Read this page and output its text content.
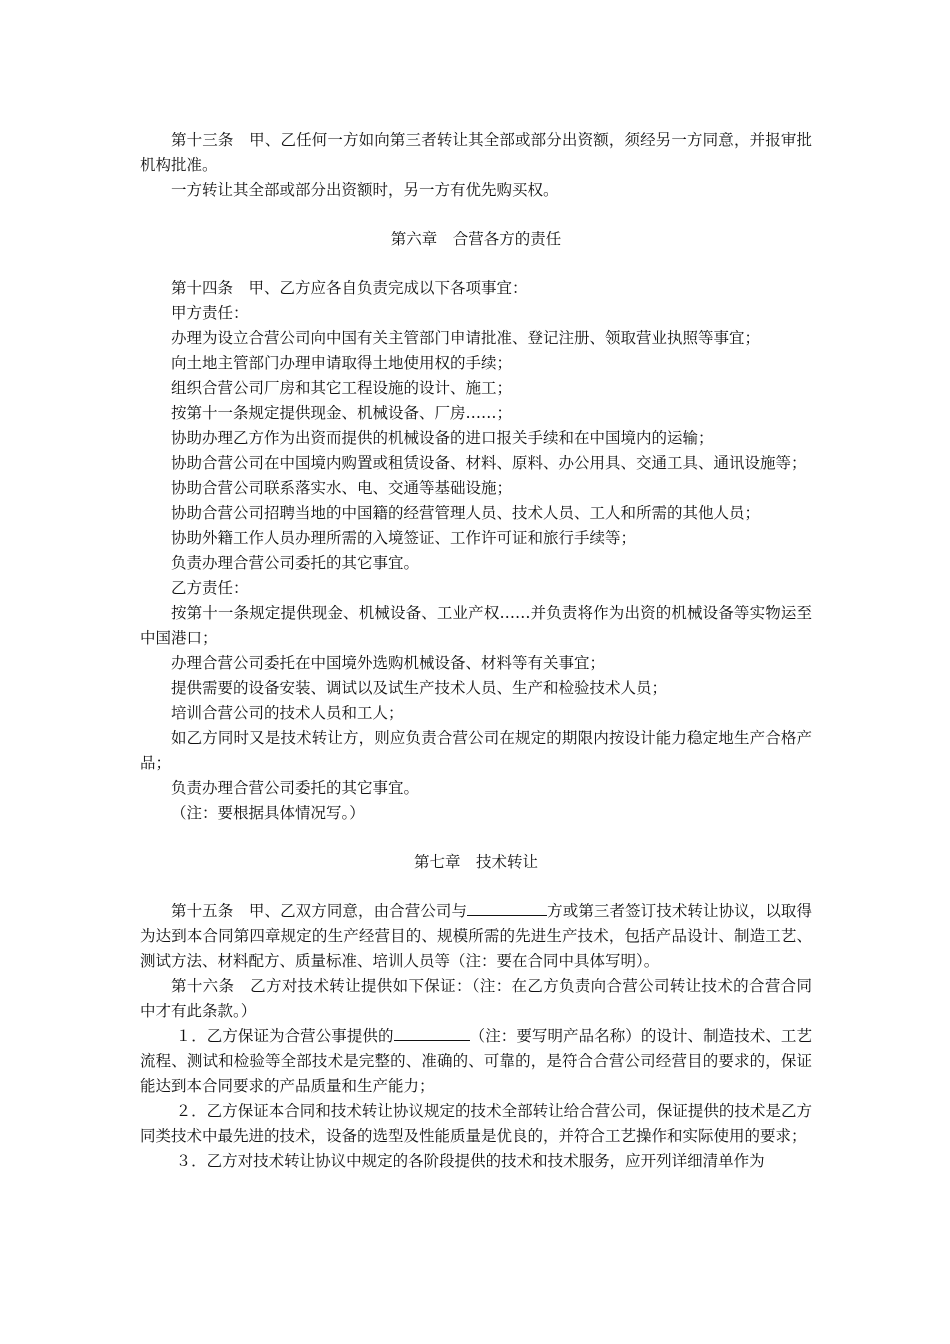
第十三条　甲、乙任何一方如向第三者转让其全部或部分出资额，须经另一方同意，并报审批机构批准。

一方转让其全部或部分出资额时，另一方有优先购买权。

第六章　合营各方的责任

第十四条　甲、乙方应各自负责完成以下各项事宜：

甲方责任：

办理为设立合营公司向中国有关主管部门申请批准、登记注册、领取营业执照等事宜；

向土地主管部门办理申请取得土地使用权的手续；

组织合营公司厂房和其它工程设施的设计、施工；

按第十一条规定提供现金、机械设备、厂房……；

协助办理乙方作为出资而提供的机械设备的进口报关手续和在中国境内的运输；

协助合营公司在中国境内购置或租赁设备、材料、原料、办公用具、交通工具、通讯设施等；

协助合营公司联系落实水、电、交通等基础设施；

协助合营公司招聘当地的中国籍的经营管理人员、技术人员、工人和所需的其他人员；

协助外籍工作人员办理所需的入境签证、工作许可证和旅行手续等；

负责办理合营公司委托的其它事宜。

乙方责任：

按第十一条规定提供现金、机械设备、工业产权……并负责将作为出资的机械设备等实物运至中国港口；

办理合营公司委托在中国境外选购机械设备、材料等有关事宜；

提供需要的设备安装、调试以及试生产技术人员、生产和检验技术人员；

培训合营公司的技术人员和工人；

如乙方同时又是技术转让方，则应负责合营公司在规定的期限内按设计能力稳定地生产合格产品；

负责办理合营公司委托的其它事宜。

（注：要根据具体情况写。）

第七章　技术转让

第十五条　甲、乙双方同意，由合营公司与	方或第三者签订技术转让协议，以取得为达到本合同第四章规定的生产经营目的、规模所需的先进生产技术，包括产品设计、制造工艺、测试方法、材料配方、质量标准、培训人员等（注：要在合同中具体写明）。

第十六条　乙方对技术转让提供如下保证：（注：在乙方负责向合营公司转让技术的合营合同中才有此条款。）

１．乙方保证为合营公事提供的	（注：要写明产品名称）的设计、制造技术、工艺流程、测试和检验等全部技术是完整的、准确的、可靠的，是符合合营公司经营目的要求的，保证能达到本合同要求的产品质量和生产能力；

２．乙方保证本合同和技术转让协议规定的技术全部转让给合营公司，保证提供的技术是乙方同类技术中最先进的技术，设备的选型及性能质量是优良的，并符合工艺操作和实际使用的要求；

３．乙方对技术转让协议中规定的各阶段提供的技术和技术服务，应开列详细清单作为
